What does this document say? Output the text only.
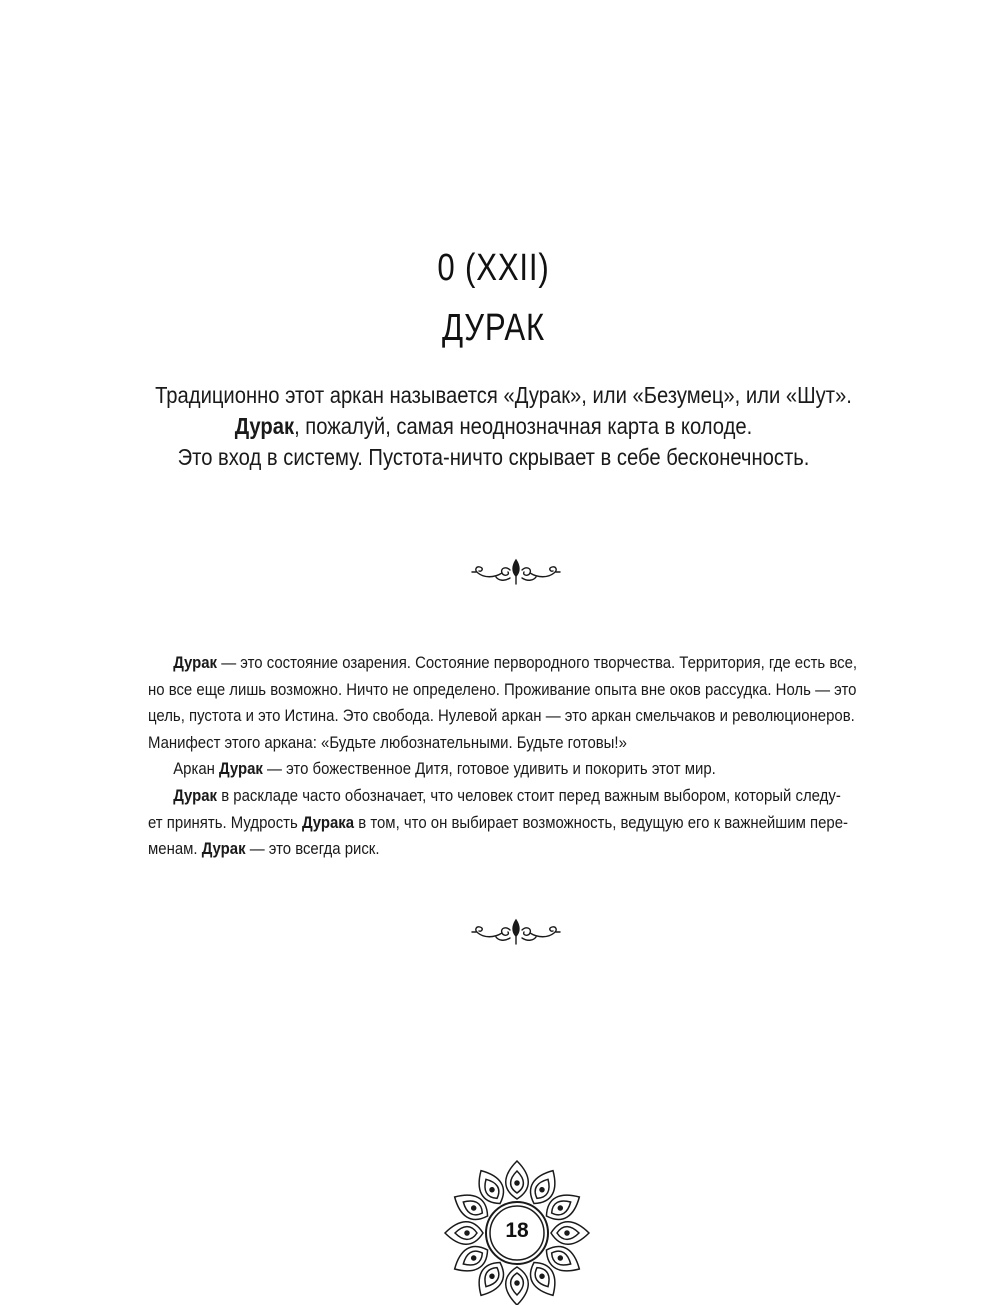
0 (XXII)
ДУРАК
Традиционно этот аркан называется «Дурак», или «Безумец», или «Шут».
Дурак, пожалуй, самая неоднозначная карта в колоде.
Это вход в систему. Пустота-ничто скрывает в себе бесконечность.
Дурак — это состояние озарения. Состояние первородного творчества. Территория, где есть все,
но все еще лишь возможно. Ничто не определено. Проживание опыта вне оков рассудка. Ноль — это
цель, пустота и это Истина. Это свобода. Нулевой аркан — это аркан смельчаков и революционеров.
Манифест этого аркана: «Будьте любознательными. Будьте готовы!»
Аркан Дурак — это божественное Дитя, готовое удивить и покорить этот мир.
Дурак в раскладе часто обозначает, что человек стоит перед важным выбором, который следу-
ет принять. Мудрость Дурака в том, что он выбирает возможность, ведущую его к важнейшим пере-
менам. Дурак — это всегда риск.
18
